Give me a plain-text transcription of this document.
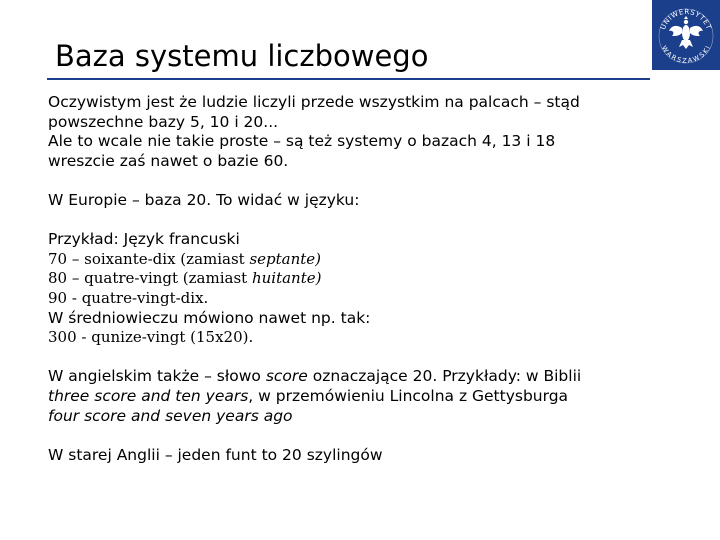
UNIWERSYTET
WARSZAWSKI
Baza systemu liczbowego
Oczywistym jest że ludzie liczyli przede wszystkim na palcach – stąd
powszechne bazy 5, 10 i 20...
Ale to wcale nie takie proste – są też systemy o bazach 4, 13 i 18
wreszcie zaś nawet o bazie 60.
W Europie – baza 20. To widać w języku:
Przykład: Język francuski
70 – soixante-dix (zamiast septante)
80 – quatre-vingt (zamiast huitante)
90 - quatre-vingt-dix.
W średniowieczu mówiono nawet np. tak:
300 - qunize-vingt (15x20).
W angielskim także – słowo score oznaczające 20. Przykłady: w Biblii
three score and ten years, w przemówieniu Lincolna z Gettysburga
four score and seven years ago
W starej Anglii – jeden funt to 20 szylingów
